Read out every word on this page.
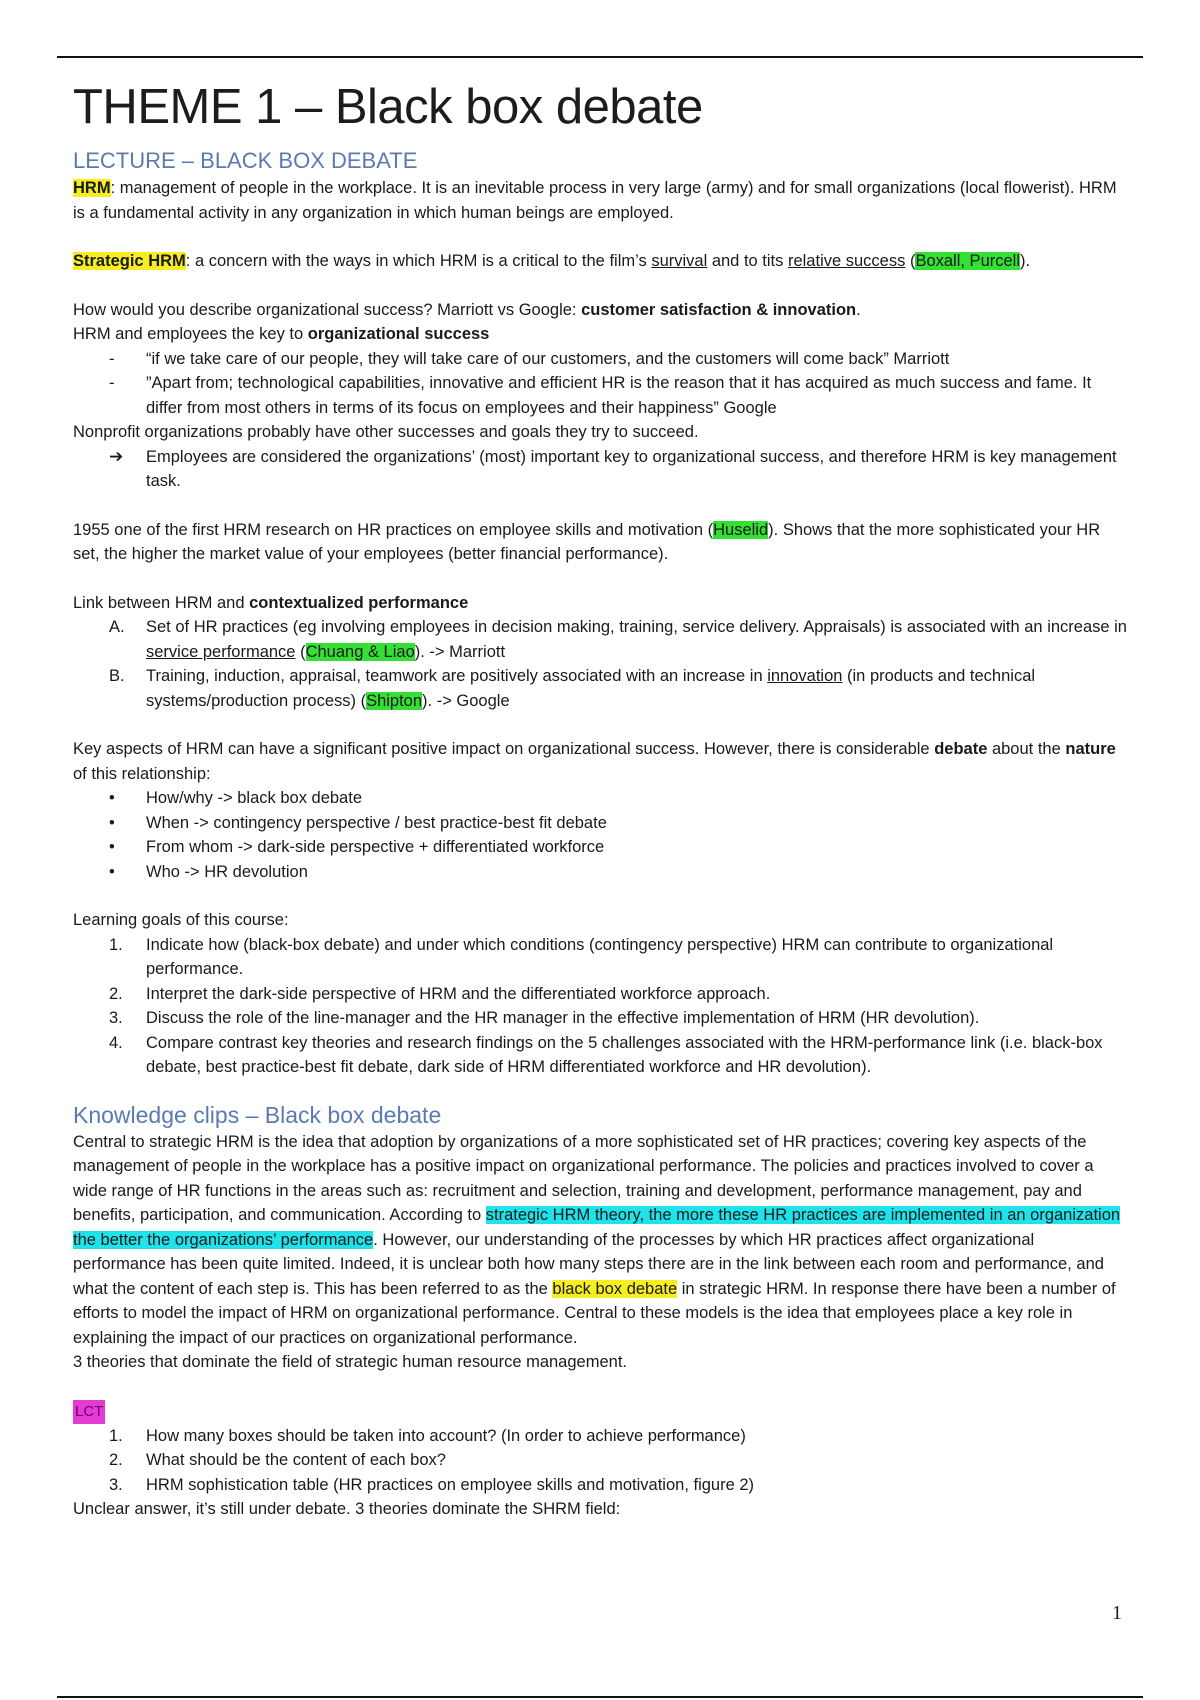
THEME 1 – Black box debate
LECTURE – BLACK BOX DEBATE

HRM: management of people in the workplace. It is an inevitable process in very large (army) and for small organizations (local flowerist). HRM is a fundamental activity in any organization in which human beings are employed.

Strategic HRM: a concern with the ways in which HRM is a critical to the film’s survival and to tits relative success (Boxall, Purcell).

How would you describe organizational success? Marriott vs Google: customer satisfaction & innovation.

HRM and employees the key to organizational success

- “if we take care of our people, they will take care of our customers, and the customers will come back” Marriott
- ”Apart from; technological capabilities, innovative and efficient HR is the reason that it has acquired as much success and fame. It differ from most others in terms of its focus on employees and their happiness” Google

Nonprofit organizations probably have other successes and goals they try to succeed.

➔ Employees are considered the organizations’ (most) important key to organizational success, and therefore HRM is key management task.

1955 one of the first HRM research on HR practices on employee skills and motivation (Huselid). Shows that the more sophisticated your HR set, the higher the market value of your employees (better financial performance).

Link between HRM and contextualized performance

A. Set of HR practices (eg involving employees in decision making, training, service delivery. Appraisals) is associated with an increase in service performance (Chuang & Liao). -> Marriott
B. Training, induction, appraisal, teamwork are positively associated with an increase in innovation (in products and technical systems/production process) (Shipton). -> Google

Key aspects of HRM can have a significant positive impact on organizational success. However, there is considerable debate about the nature of this relationship:

• How/why -> black box debate
• When -> contingency perspective / best practice-best fit debate
• From whom -> dark-side perspective + differentiated workforce
• Who -> HR devolution

Learning goals of this course:

1. Indicate how (black-box debate) and under which conditions (contingency perspective) HRM can contribute to organizational performance.
2. Interpret the dark-side perspective of HRM and the differentiated workforce approach.
3. Discuss the role of the line-manager and the HR manager in the effective implementation of HRM (HR devolution).
4. Compare contrast key theories and research findings on the 5 challenges associated with the HRM-performance link (i.e. black-box debate, best practice-best fit debate, dark side of HRM differentiated workforce and HR devolution).
Knowledge clips – Black box debate

Central to strategic HRM is the idea that adoption by organizations of a more sophisticated set of HR practices; covering key aspects of the management of people in the workplace has a positive impact on organizational performance. The policies and practices involved to cover a wide range of HR functions in the areas such as: recruitment and selection, training and development, performance management, pay and benefits, participation, and communication. According to strategic HRM theory, the more these HR practices are implemented in an organization the better the organizations’ performance. However, our understanding of the processes by which HR practices affect organizational performance has been quite limited. Indeed, it is unclear both how many steps there are in the link between each room and performance, and what the content of each step is. This has been referred to as the black box debate in strategic HRM. In response there have been a number of efforts to model the impact of HRM on organizational performance. Central to these models is the idea that employees place a key role in explaining the impact of our practices on organizational performance.

3 theories that dominate the field of strategic human resource management.

LCT

1. How many boxes should be taken into account? (In order to achieve performance)
2. What should be the content of each box?
3. HRM sophistication table (HR practices on employee skills and motivation, figure 2)

Unclear answer, it’s still under debate. 3 theories dominate the SHRM field:

1
